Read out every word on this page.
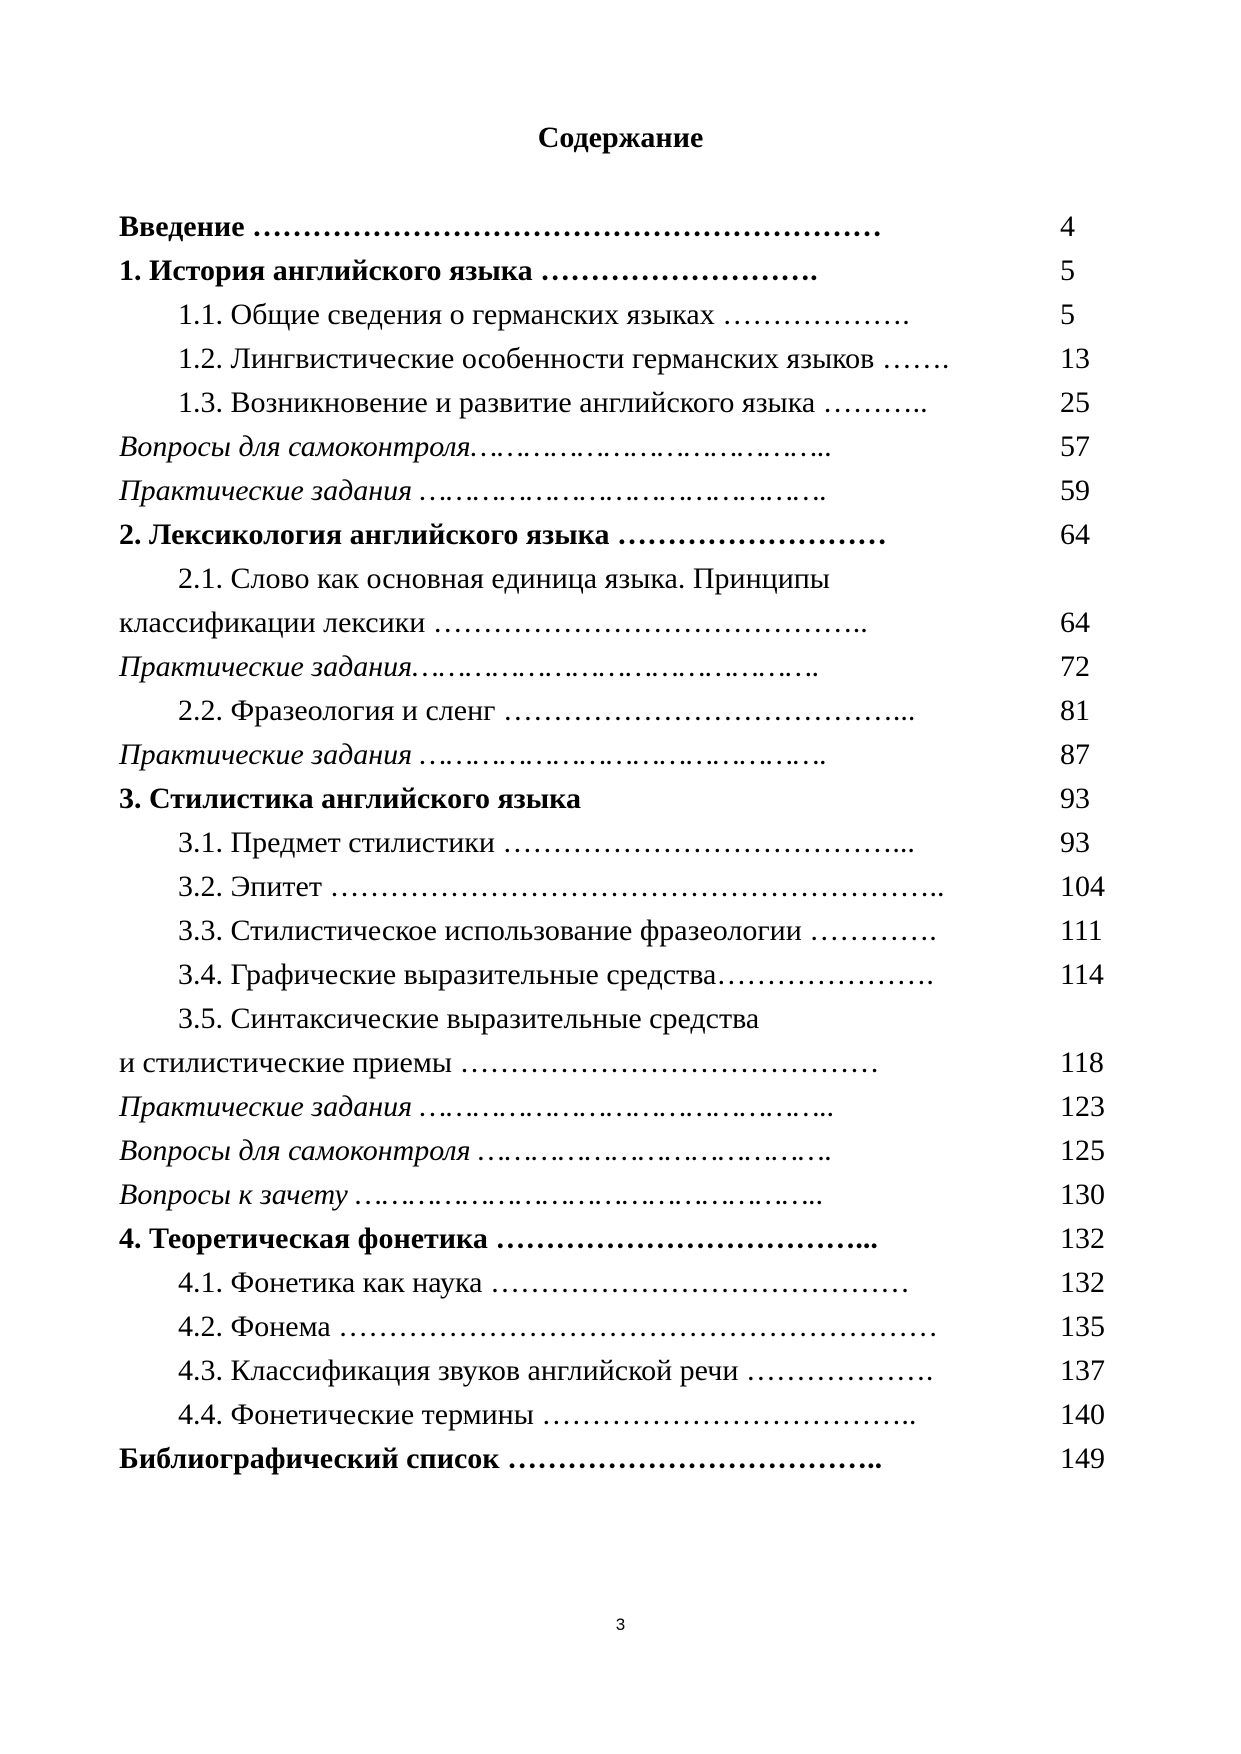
Содержание
Введение ………………………………………………………	4
1. История английского языка ……………………….	5
1.1. Общие сведения о германских языках ……………….	5
1.2. Лингвистические особенности германских языков …….	13
1.3. Возникновение и развитие английского языка ………..	25
Вопросы для самоконтроля…………………………………..	57
Практические задания ……………………………………….	59
2. Лексикология английского языка ………………………	64
2.1. Слово как основная единица языка. Принципы
классификации лексики ……………………………………..	64
Практические задания……………………………………….	72
2.2. Фразеология и сленг …………………………………...	81
Практические задания ……………………………………….	87
3. Стилистика английского языка	93
3.1. Предмет стилистики …………………………………...	93
3.2. Эпитет ……………………………………………………..	104
3.3. Стилистическое использование фразеологии ………….	111
3.4. Графические выразительные средства………………….	114
3.5. Синтаксические выразительные средства
и стилистические приемы ……………………………………	118
Практические задания ………………………………………..	123
Вопросы для самоконтроля ………………………………….	125
Вопросы к зачету ……………………………………………..	130
4. Теоретическая фонетика ………………………………...	132
4.1. Фонетика как наука ……………………………………	132
4.2. Фонема ……………………………………………………	135
4.3. Классификация звуков английской речи ……………….	137
4.4. Фонетические термины ………………………………..	140
Библиографический список ………………………………..	149
3
